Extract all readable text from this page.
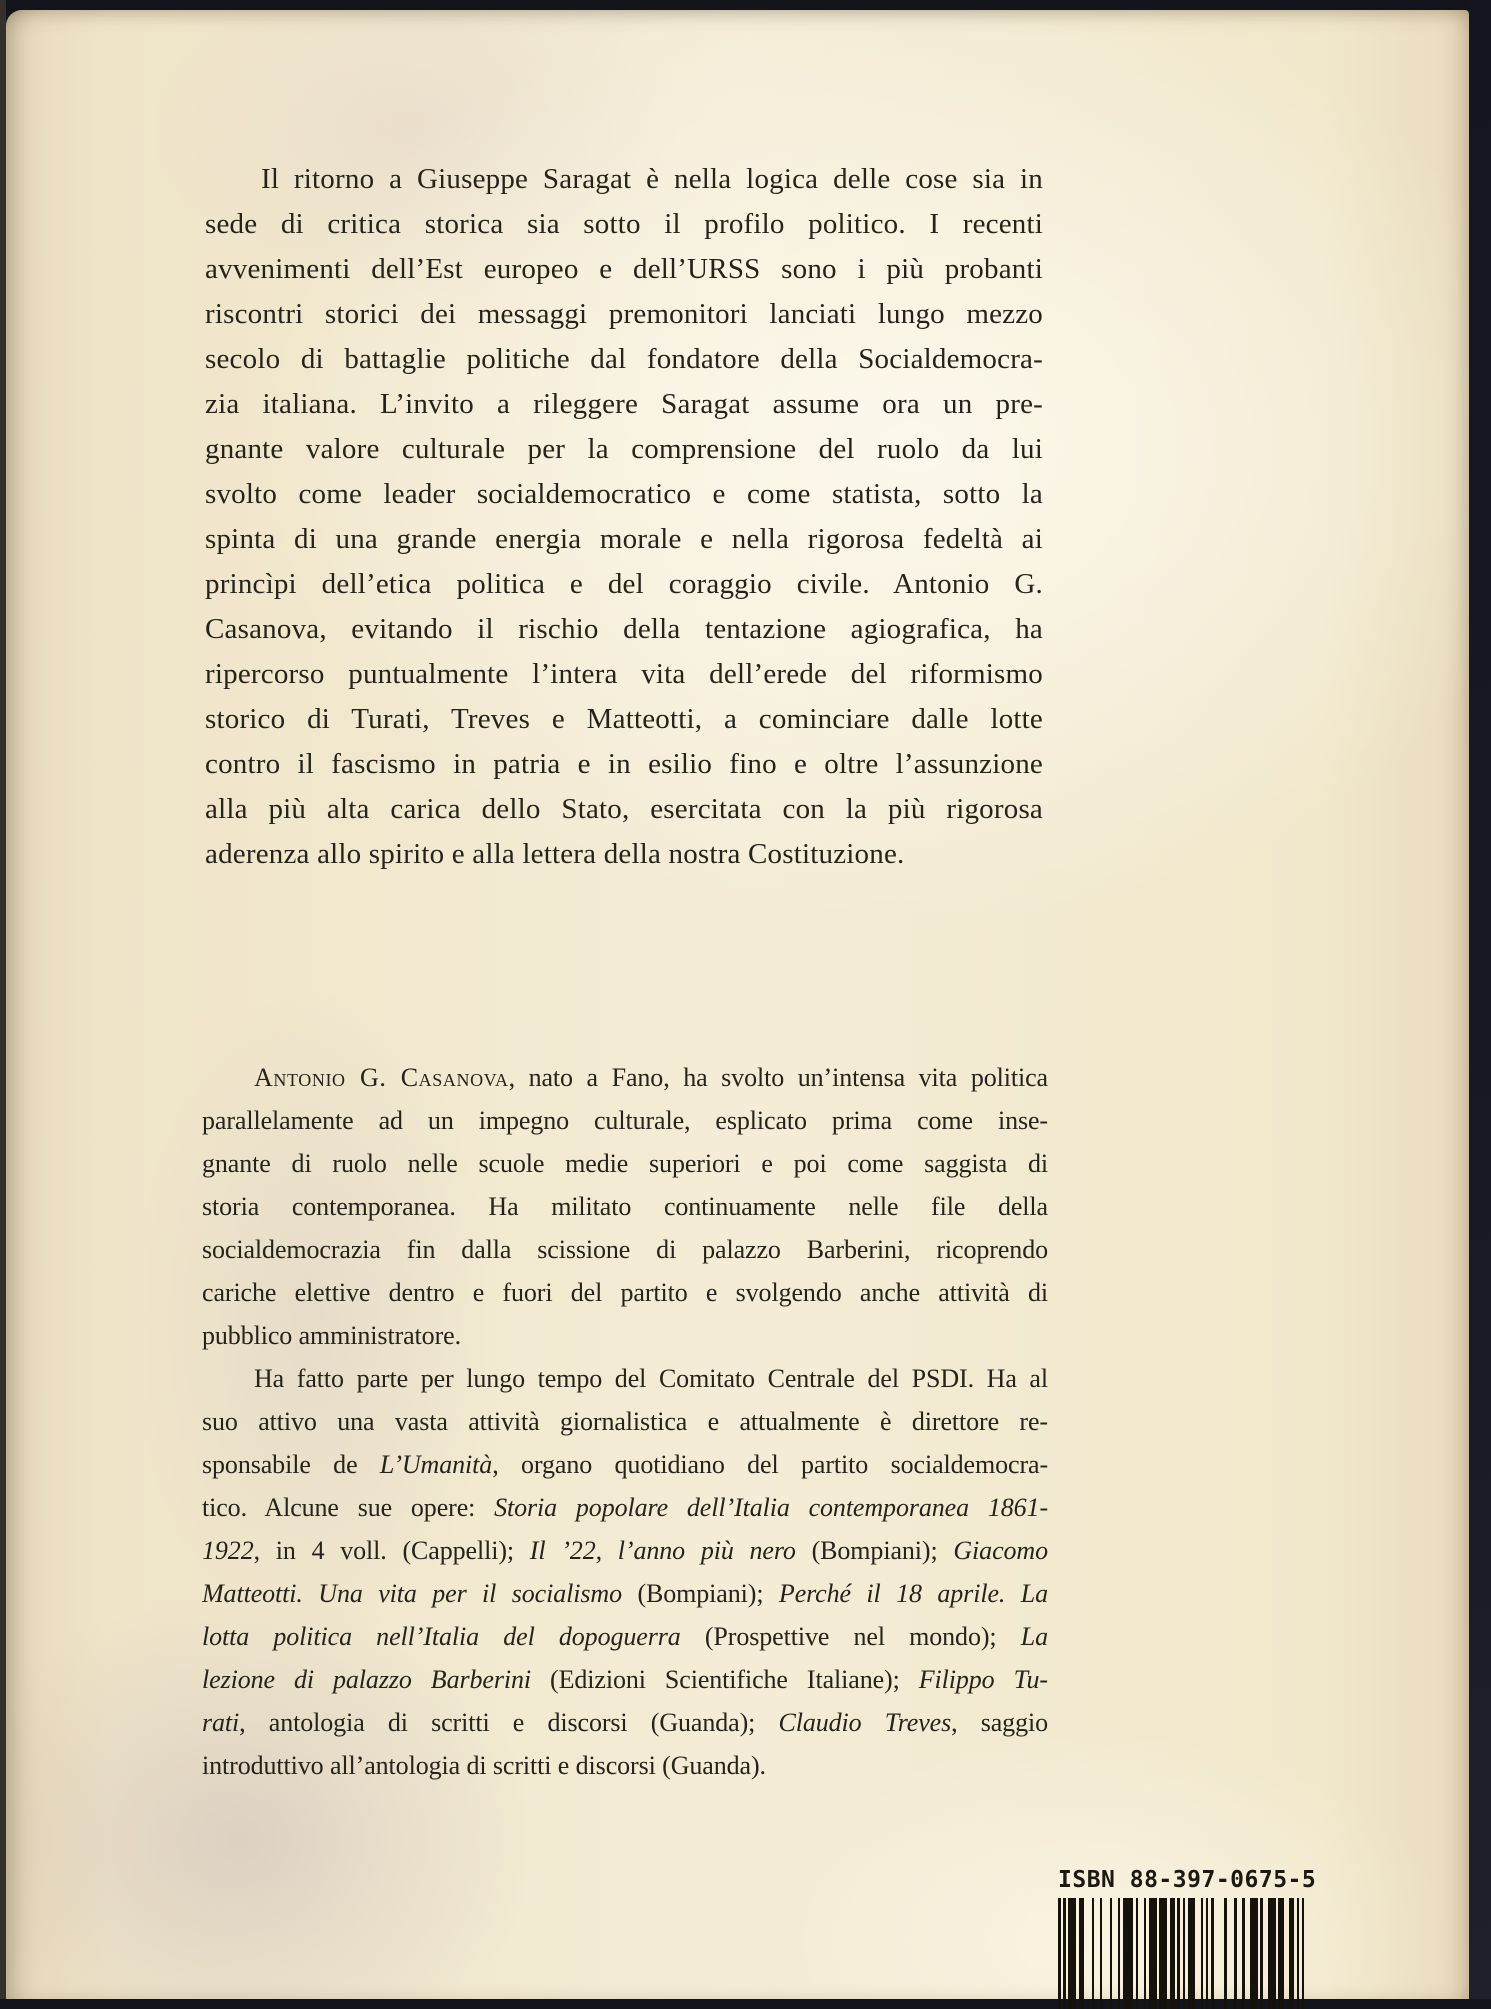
Il ritorno a Giuseppe Saragat è nella logica delle cose sia in
sede di critica storica sia sotto il profilo politico. I recenti
avvenimenti dell’Est europeo e dell’URSS sono i più probanti
riscontri storici dei messaggi premonitori lanciati lungo mezzo
secolo di battaglie politiche dal fondatore della Socialdemocra-
zia italiana. L’invito a rileggere Saragat assume ora un pre-
gnante valore culturale per la comprensione del ruolo da lui
svolto come leader socialdemocratico e come statista, sotto la
spinta di una grande energia morale e nella rigorosa fedeltà ai
princìpi dell’etica politica e del coraggio civile. Antonio G.
Casanova, evitando il rischio della tentazione agiografica, ha
ripercorso puntualmente l’intera vita dell’erede del riformismo
storico di Turati, Treves e Matteotti, a cominciare dalle lotte
contro il fascismo in patria e in esilio fino e oltre l’assunzione
alla più alta carica dello Stato, esercitata con la più rigorosa
aderenza allo spirito e alla lettera della nostra Costituzione.
Antonio G. Casanova, nato a Fano, ha svolto un’intensa vita politica
parallelamente ad un impegno culturale, esplicato prima come inse-
gnante di ruolo nelle scuole medie superiori e poi come saggista di
storia contemporanea. Ha militato continuamente nelle file della
socialdemocrazia fin dalla scissione di palazzo Barberini, ricoprendo
cariche elettive dentro e fuori del partito e svolgendo anche attività di
pubblico amministratore.
Ha fatto parte per lungo tempo del Comitato Centrale del PSDI. Ha al
suo attivo una vasta attività giornalistica e attualmente è direttore re-
sponsabile de L’Umanità, organo quotidiano del partito socialdemocra-
tico. Alcune sue opere: Storia popolare dell’Italia contemporanea 1861-
1922, in 4 voll. (Cappelli); Il ’22, l’anno più nero (Bompiani); Giacomo
Matteotti. Una vita per il socialismo (Bompiani); Perché il 18 aprile. La
lotta politica nell’Italia del dopoguerra (Prospettive nel mondo); La
lezione di palazzo Barberini (Edizioni Scientifiche Italiane); Filippo Tu-
rati, antologia di scritti e discorsi (Guanda); Claudio Treves, saggio
introduttivo all’antologia di scritti e discorsi (Guanda).
ISBN 88-397-0675-5
